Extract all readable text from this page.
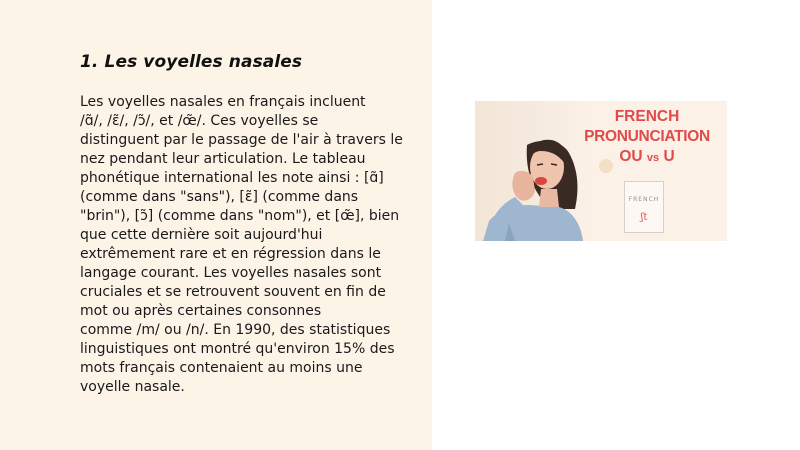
1. Les voyelles nasales

Les voyelles nasales en français incluent
/ɑ̃/, /ɛ̃/, /ɔ̃/, et /œ̃/. Ces voyelles se
distinguent par le passage de l'air à travers le
nez pendant leur articulation. Le tableau
phonétique international les note ainsi : [ɑ̃]
(comme dans "sans"), [ɛ̃] (comme dans
"brin"), [ɔ̃] (comme dans "nom"), et [œ̃], bien
que cette dernière soit aujourd'hui
extrêmement rare et en régression dans le
langage courant. Les voyelles nasales sont
cruciales et se retrouvent souvent en fin de
mot ou après certaines consonnes
comme /m/ ou /n/. En 1990, des statistiques
linguistiques ont montré qu'environ 15% des
mots français contenaient au moins une
voyelle nasale.

FRENCH
PRONUNCIATION
OU vs U
FRENCH
ʃt
